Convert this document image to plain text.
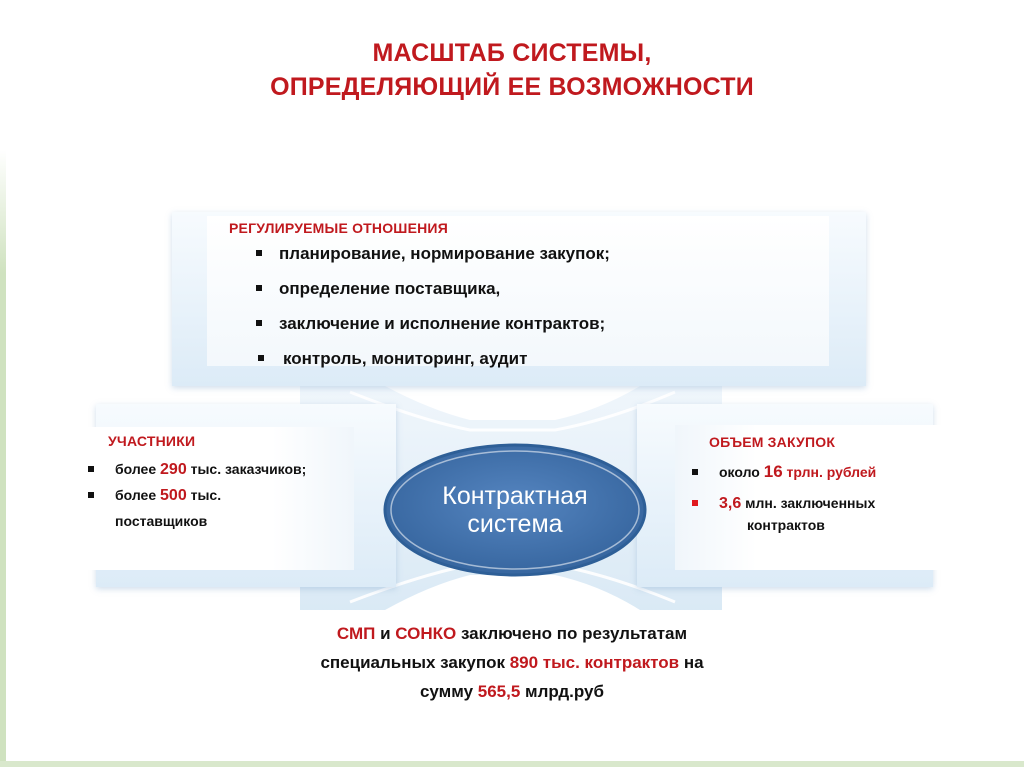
МАСШТАБ СИСТЕМЫ,
ОПРЕДЕЛЯЮЩИЙ ЕЕ ВОЗМОЖНОСТИ
РЕГУЛИРУЕМЫЕ ОТНОШЕНИЯ
планирование, нормирование закупок;
определение поставщика,
заключение и исполнение контрактов;
контроль, мониторинг, аудит
УЧАСТНИКИ
более 290 тыс. заказчиков;
более 500 тыс.
поставщиков
ОБЪЕМ ЗАКУПОК
около 16 трлн. рублей
3,6 млн. заключенных
контрактов
Контрактная
система
СМП и СОНКО заключено по результатам
специальных закупок 890 тыс. контрактов на
сумму 565,5 млрд.руб
